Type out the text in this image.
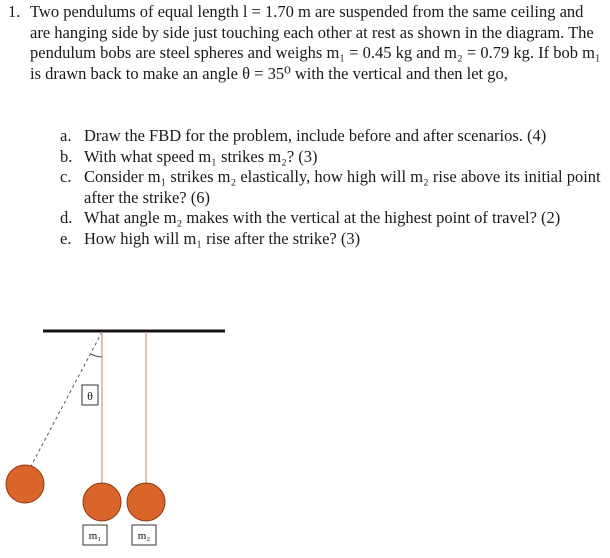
1. Two pendulums of equal length l = 1.70 m are suspended from the same ceiling and are hanging side by side just touching each other at rest as shown in the diagram. The pendulum bobs are steel spheres and weighs m₁ = 0.45 kg and m₂ = 0.79 kg. If bob m₁ is drawn back to make an angle θ = 35⁰ with the vertical and then let go,
a. Draw the FBD for the problem, include before and after scenarios. (4)
b. With what speed m₁ strikes m₂? (3)
c. Consider m₁ strikes m₂ elastically, how high will m₂ rise above its initial point after the strike? (6)
d. What angle m₂ makes with the vertical at the highest point of travel? (2)
e. How high will m₁ rise after the strike? (3)
θ
m₁	m₂
